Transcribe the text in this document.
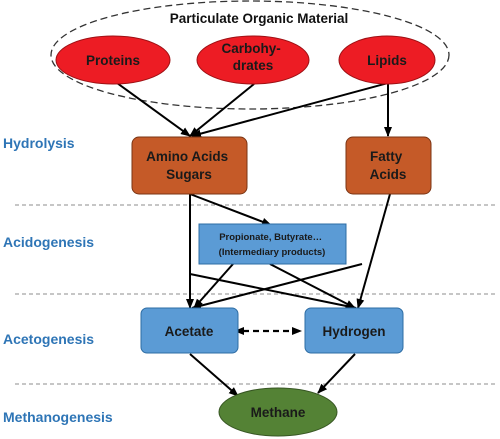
Particulate Organic Material
Proteins
Carbohy- drates	Lipids
Amino Acids Sugars
Fatty Acids
Propionate, Butyrate… (Intermediary products)
Acetate	Hydrogen
Methane
Hydrolysis
Acidogenesis
Acetogenesis
Methanogenesis
